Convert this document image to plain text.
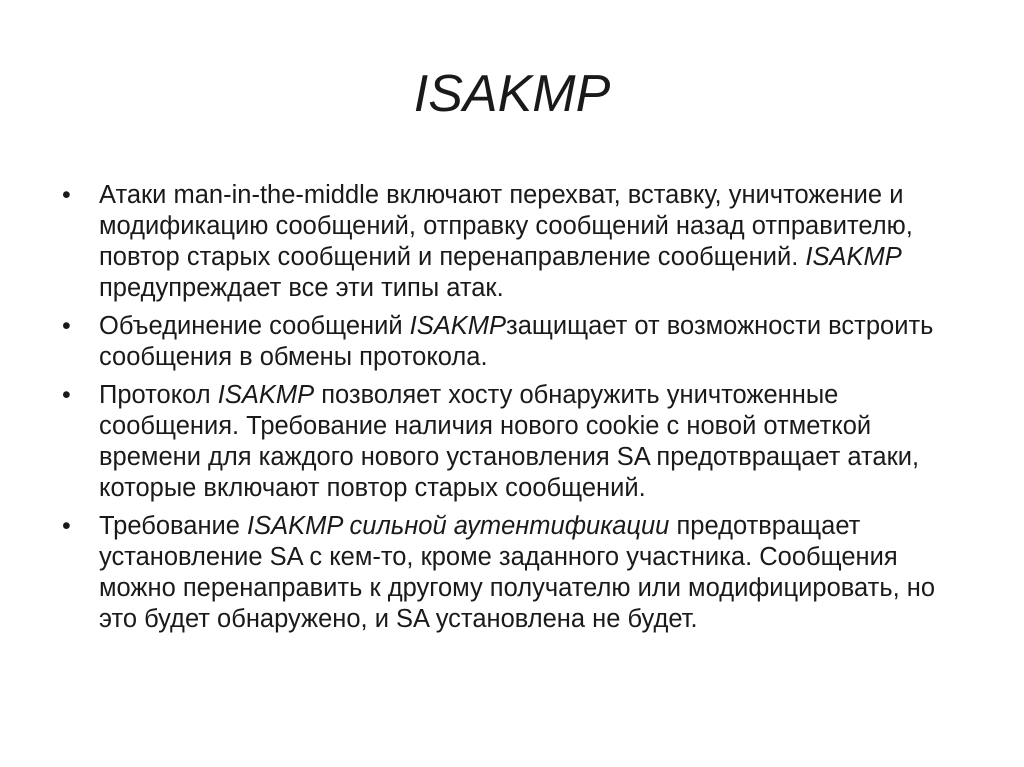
ISAKMP
•	Атаки man-in-the-middle включают перехват, вставку, уничтожение и модификацию сообщений, отправку сообщений назад отправителю, повтор старых сообщений и перенаправление сообщений. ISAKMP предупреждает все эти типы атак.
•	Объединение сообщений ISAKMPзащищает от возможности встроить сообщения в обмены протокола.
•	Протокол ISAKMP позволяет хосту обнаружить уничтоженные сообщения. Требование наличия нового cookie с новой отметкой времени для каждого нового установления SA предотвращает атаки, которые включают повтор старых сообщений.
•	Требование ISAKMP сильной аутентификации предотвращает установление SA с кем-то, кроме заданного участника. Сообщения можно перенаправить к другому получателю или модифицировать, но это будет обнаружено, и SA установлена не будет.
